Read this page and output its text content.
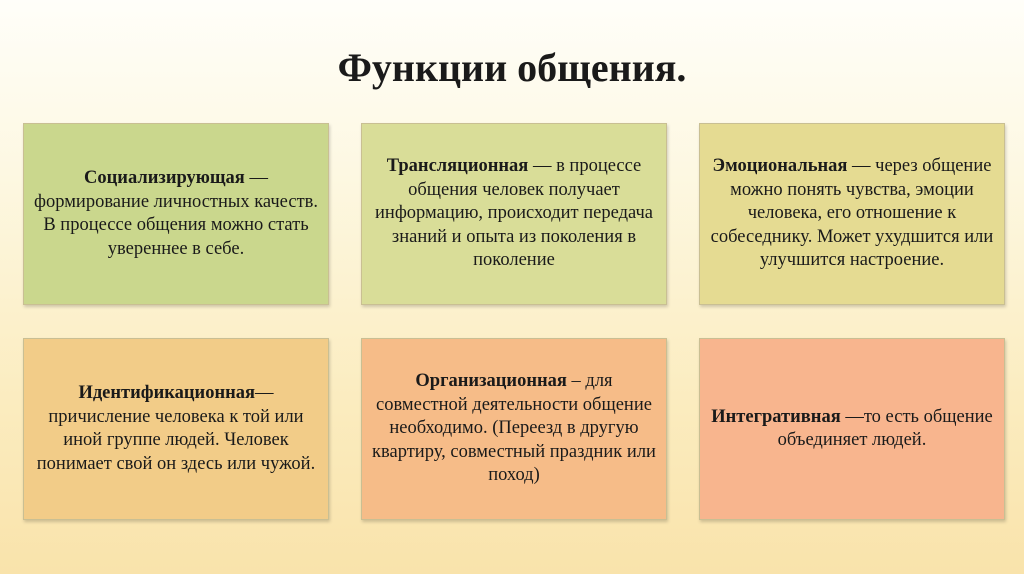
Функции общения.
Социализирующая — формирование личностных качеств. В процессе общения можно стать увереннее в себе.
Трансляционная — в процессе общения человек получает информацию, происходит передача знаний и опыта из поколения в поколение
Эмоциональная — через общение можно понять чувства, эмоции человека, его отношение к собеседнику. Может ухудшится или улучшится настроение.
Идентификационная— причисление человека к той или иной группе людей. Человек понимает свой он здесь или чужой.
Организационная – для совместной деятельности общение необходимо. (Переезд в другую квартиру, совместный праздник или поход)
Интегративная —то есть общение объединяет людей.
